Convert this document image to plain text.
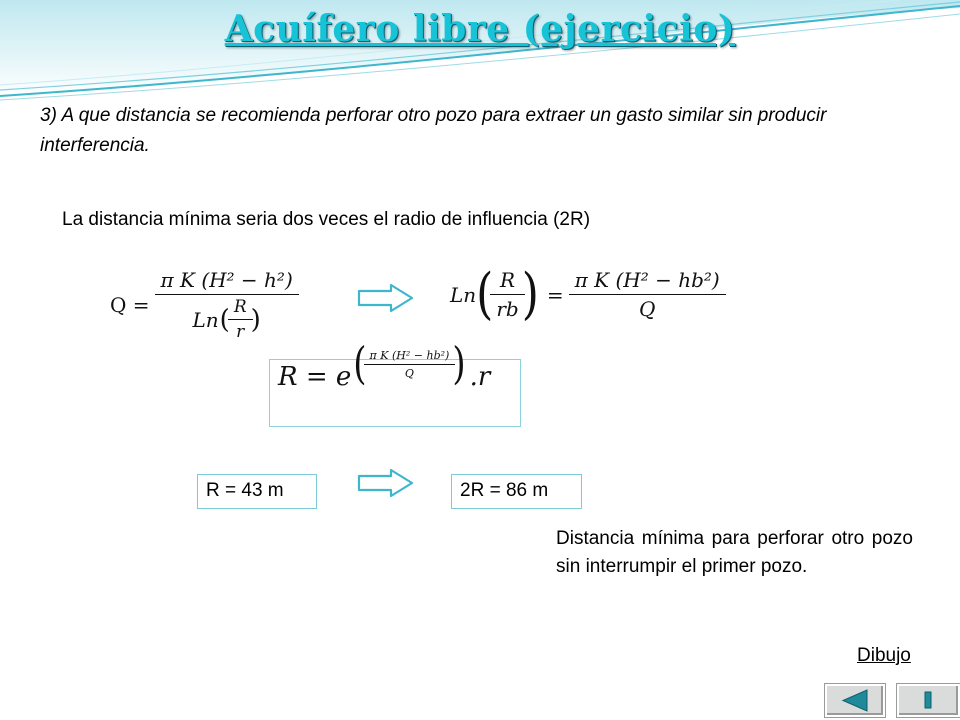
Acuífero libre (ejercicio)
3) A que distancia se recomienda perforar otro pozo para extraer un gasto similar sin producir interferencia.
La distancia mínima seria dos veces el radio de influencia (2R)
Q =
π K (H² − h²)
Ln ( $\frac{R}{r}$ )
Ln ( $\frac{R}{rb}$ ) = $\frac{\text{π K (H² − hb²)}}{Q}$
R = e ( $\frac{\text{π K (H² − hb²)}}{Q}$ ) .r
R = 43 m	2R = 86 m
Distancia mínima para perforar otro pozo sin interrumpir el primer pozo.
Dibujo
